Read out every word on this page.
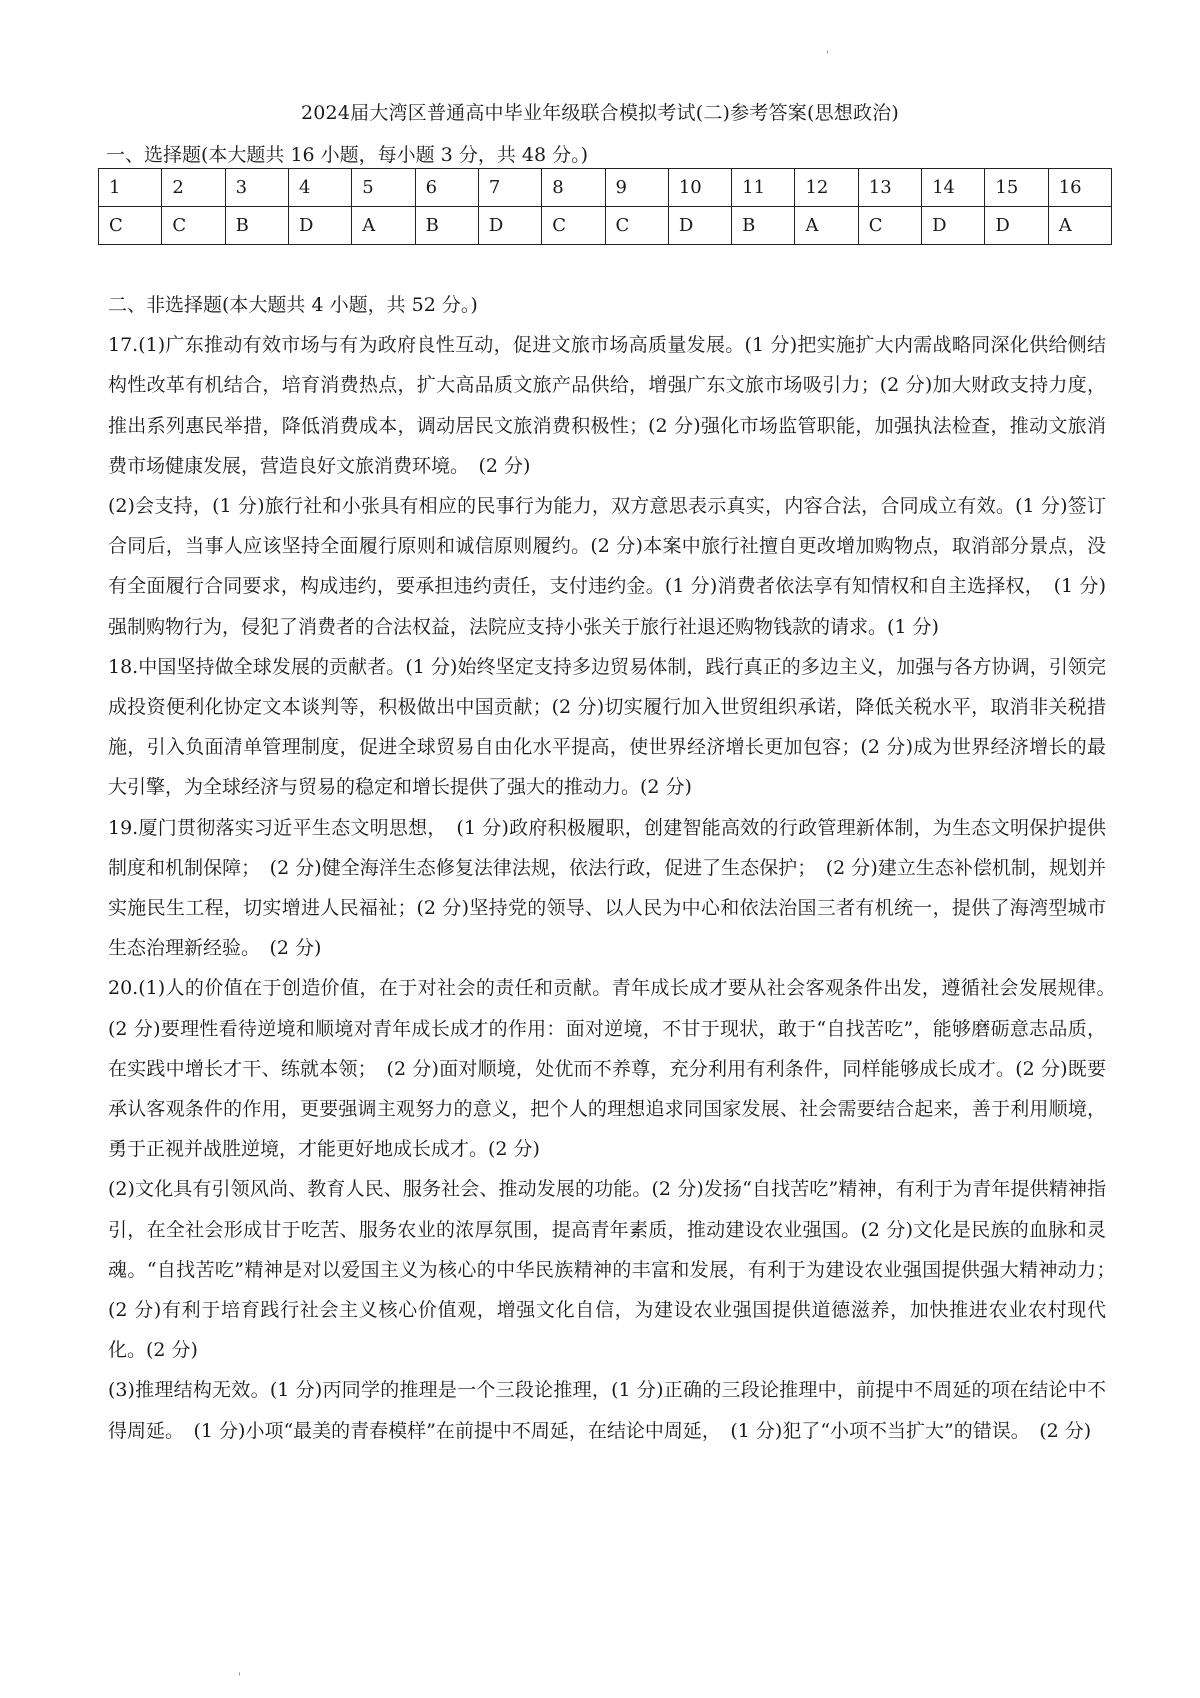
'
'
2024届大湾区普通高中毕业年级联合模拟考试(二)参考答案(思想政治)
一、选择题(本大题共 16 小题，每小题 3 分，共 48 分。)
1	2	3	4	5	6	7	8	9	10	11	12	13	14	15	16
C	C	B	D	A	B	D	C	C	D	B	A	C	D	D	A

二、非选择题(本大题共 4 小题，共 52 分。)

17.(1)广东推动有效市场与有为政府良性互动，促进文旅市场高质量发展。(1 分)把实施扩大内需战略同深化供给侧结构性改革有机结合，培育消费热点，扩大高品质文旅产品供给，增强广东文旅市场吸引力；(2 分)加大财政支持力度，推出系列惠民举措，降低消费成本，调动居民文旅消费积极性；(2 分)强化市场监管职能，加强执法检查，推动文旅消费市场健康发展，营造良好文旅消费环境。　(2 分)

(2)会支持，(1 分)旅行社和小张具有相应的民事行为能力，双方意思表示真实，内容合法，合同成立有效。(1 分)签订合同后，当事人应该坚持全面履行原则和诚信原则履约。(2 分)本案中旅行社擅自更改增加购物点，取消部分景点，没有全面履行合同要求，构成违约，要承担违约责任，支付违约金。(1 分)消费者依法享有知情权和自主选择权，　(1 分)强制购物行为，侵犯了消费者的合法权益，法院应支持小张关于旅行社退还购物钱款的请求。(1 分)

18.中国坚持做全球发展的贡献者。(1 分)始终坚定支持多边贸易体制，践行真正的多边主义，加强与各方协调，引领完成投资便利化协定文本谈判等，积极做出中国贡献；(2 分)切实履行加入世贸组织承诺，降低关税水平，取消非关税措施，引入负面清单管理制度，促进全球贸易自由化水平提高，使世界经济增长更加包容；(2 分)成为世界经济增长的最大引擎，为全球经济与贸易的稳定和增长提供了强大的推动力。(2 分)

19.厦门贯彻落实习近平生态文明思想，　(1 分)政府积极履职，创建智能高效的行政管理新体制，为生态文明保护提供制度和机制保障；　(2 分)健全海洋生态修复法律法规，依法行政，促进了生态保护；　(2 分)建立生态补偿机制，规划并实施民生工程，切实增进人民福祉；(2 分)坚持党的领导、以人民为中心和依法治国三者有机统一，提供了海湾型城市生态治理新经验。　(2 分)

20.(1)人的价值在于创造价值，在于对社会的责任和贡献。青年成长成才要从社会客观条件出发，遵循社会发展规律。　(2 分)要理性看待逆境和顺境对青年成长成才的作用：面对逆境，不甘于现状，敢于“自找苦吃”，能够磨砺意志品质，在实践中增长才干、练就本领；　(2 分)面对顺境，处优而不养尊，充分利用有利条件，同样能够成长成才。(2 分)既要承认客观条件的作用，更要强调主观努力的意义，把个人的理想追求同国家发展、社会需要结合起来，善于利用顺境，勇于正视并战胜逆境，才能更好地成长成才。(2 分)

(2)文化具有引领风尚、教育人民、服务社会、推动发展的功能。(2 分)发扬“自找苦吃”精神，有利于为青年提供精神指引，在全社会形成甘于吃苦、服务农业的浓厚氛围，提高青年素质，推动建设农业强国。(2 分)文化是民族的血脉和灵魂。“自找苦吃”精神是对以爱国主义为核心的中华民族精神的丰富和发展，有利于为建设农业强国提供强大精神动力；　(2 分)有利于培育践行社会主义核心价值观，增强文化自信，为建设农业强国提供道德滋养，加快推进农业农村现代化。(2 分)

(3)推理结构无效。(1 分)丙同学的推理是一个三段论推理，(1 分)正确的三段论推理中，前提中不周延的项在结论中不得周延。　(1 分)小项“最美的青春模样”在前提中不周延，在结论中周延，　(1 分)犯了“小项不当扩大”的错误。　(2 分)
